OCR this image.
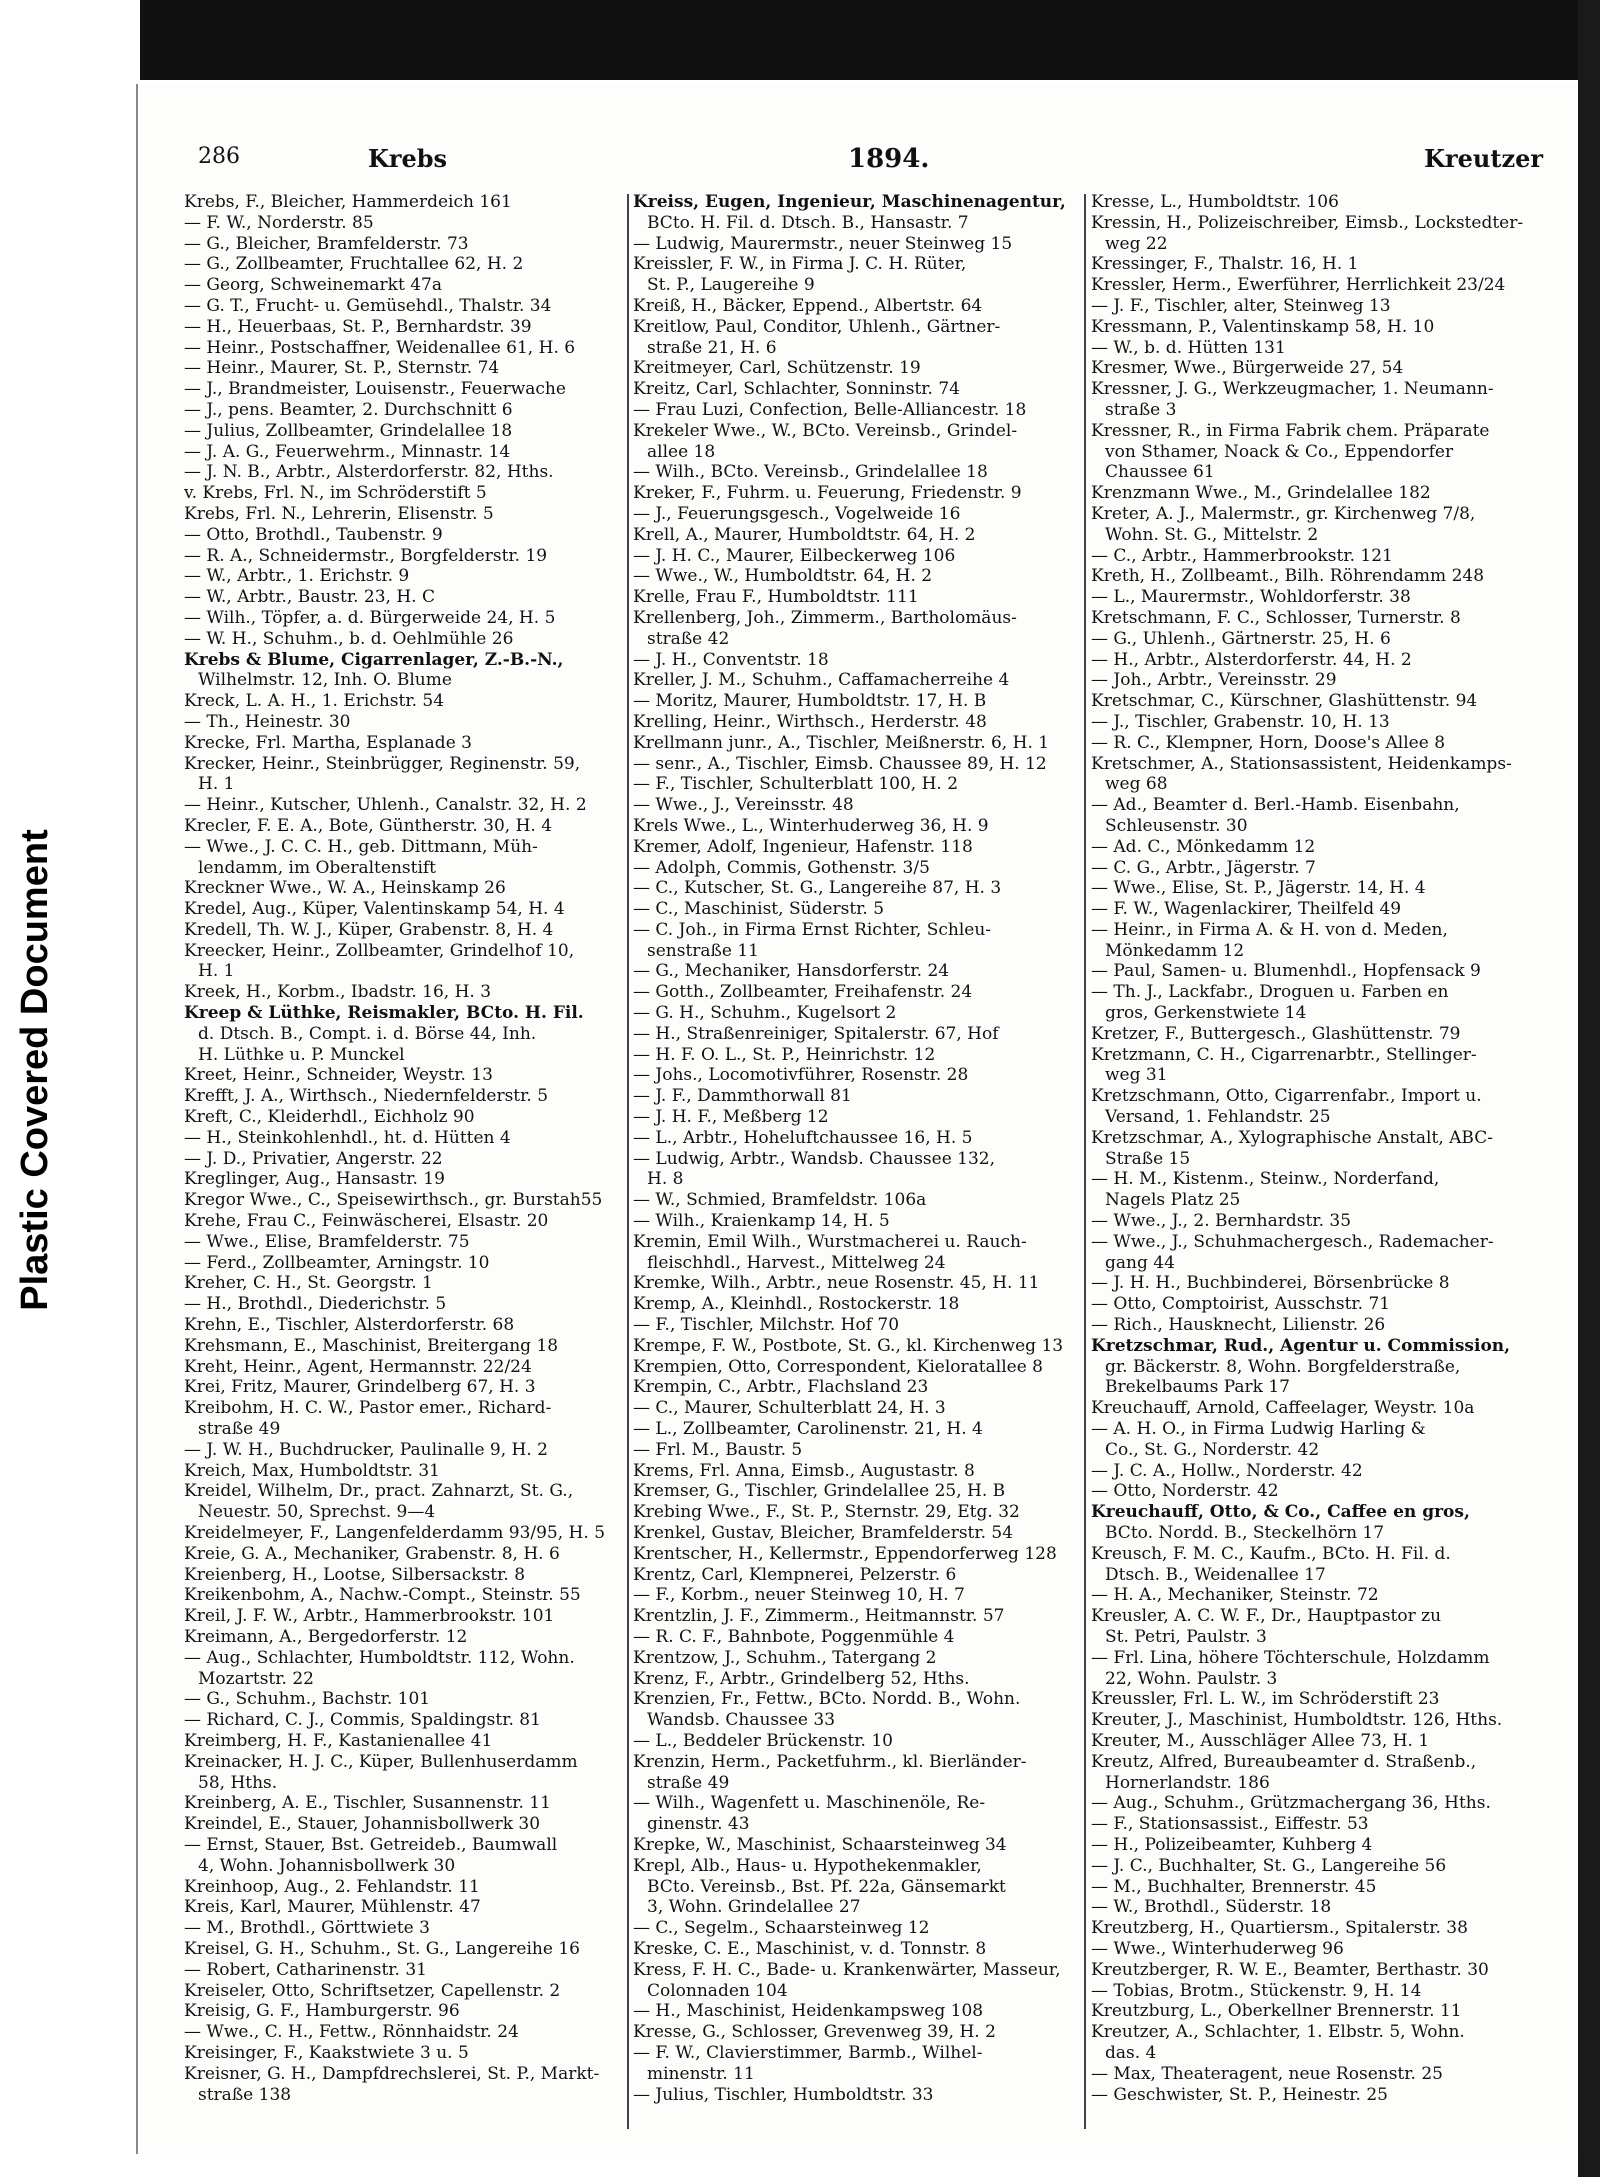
Plastic Covered Document
286	Krebs	1894.	Kreutzer
Krebs, F., Bleicher, Hammerdeich 161
— F. W., Norderstr. 85
— G., Bleicher, Bramfelderstr. 73
— G., Zollbeamter, Fruchtallee 62, H. 2
— Georg, Schweinemarkt 47a
— G. T., Frucht- u. Gemüsehdl., Thalstr. 34
— H., Heuerbaas, St. P., Bernhardstr. 39
— Heinr., Postschaffner, Weidenallee 61, H. 6
— Heinr., Maurer, St. P., Sternstr. 74
— J., Brandmeister, Louisenstr., Feuerwache
— J., pens. Beamter, 2. Durchschnitt 6
— Julius, Zollbeamter, Grindelallee 18
— J. A. G., Feuerwehrm., Minnastr. 14
— J. N. B., Arbtr., Alsterdorferstr. 82, Hths.
v. Krebs, Frl. N., im Schröderstift 5
Krebs, Frl. N., Lehrerin, Elisenstr. 5
— Otto, Brothdl., Taubenstr. 9
— R. A., Schneidermstr., Borgfelderstr. 19
— W., Arbtr., 1. Erichstr. 9
— W., Arbtr., Baustr. 23, H. C
— Wilh., Töpfer, a. d. Bürgerweide 24, H. 5
— W. H., Schuhm., b. d. Oehlmühle 26
Krebs & Blume, Cigarrenlager, Z.-B.-N.,
Wilhelmstr. 12, Inh. O. Blume
Kreck, L. A. H., 1. Erichstr. 54
— Th., Heinestr. 30
Krecke, Frl. Martha, Esplanade 3
Krecker, Heinr., Steinbrügger, Reginenstr. 59,
H. 1
— Heinr., Kutscher, Uhlenh., Canalstr. 32, H. 2
Krecler, F. E. A., Bote, Güntherstr. 30, H. 4
— Wwe., J. C. C. H., geb. Dittmann, Müh-
lendamm, im Oberaltenstift
Kreckner Wwe., W. A., Heinskamp 26
Kredel, Aug., Küper, Valentinskamp 54, H. 4
Kredell, Th. W. J., Küper, Grabenstr. 8, H. 4
Kreecker, Heinr., Zollbeamter, Grindelhof 10,
H. 1
Kreek, H., Korbm., Ibadstr. 16, H. 3
Kreep & Lüthke, Reismakler, BCto. H. Fil.
d. Dtsch. B., Compt. i. d. Börse 44, Inh.
H. Lüthke u. P. Munckel
Kreet, Heinr., Schneider, Weystr. 13
Krefft, J. A., Wirthsch., Niedernfelderstr. 5
Kreft, C., Kleiderhdl., Eichholz 90
— H., Steinkohlenhdl., ht. d. Hütten 4
— J. D., Privatier, Angerstr. 22
Kreglinger, Aug., Hansastr. 19
Kregor Wwe., C., Speisewirthsch., gr. Burstah55
Krehe, Frau C., Feinwäscherei, Elsastr. 20
— Wwe., Elise, Bramfelderstr. 75
— Ferd., Zollbeamter, Arningstr. 10
Kreher, C. H., St. Georgstr. 1
— H., Brothdl., Diederichstr. 5
Krehn, E., Tischler, Alsterdorferstr. 68
Krehsmann, E., Maschinist, Breitergang 18
Kreht, Heinr., Agent, Hermannstr. 22/24
Krei, Fritz, Maurer, Grindelberg 67, H. 3
Kreibohm, H. C. W., Pastor emer., Richard-
straße 49
— J. W. H., Buchdrucker, Paulinalle 9, H. 2
Kreich, Max, Humboldtstr. 31
Kreidel, Wilhelm, Dr., pract. Zahnarzt, St. G.,
Neuestr. 50, Sprechst. 9—4
Kreidelmeyer, F., Langenfelderdamm 93/95, H. 5
Kreie, G. A., Mechaniker, Grabenstr. 8, H. 6
Kreienberg, H., Lootse, Silbersackstr. 8
Kreikenbohm, A., Nachw.-Compt., Steinstr. 55
Kreil, J. F. W., Arbtr., Hammerbrookstr. 101
Kreimann, A., Bergedorferstr. 12
— Aug., Schlachter, Humboldtstr. 112, Wohn.
Mozartstr. 22
— G., Schuhm., Bachstr. 101
— Richard, C. J., Commis, Spaldingstr. 81
Kreimberg, H. F., Kastanienallee 41
Kreinacker, H. J. C., Küper, Bullenhuserdamm
58, Hths.
Kreinberg, A. E., Tischler, Susannenstr. 11
Kreindel, E., Stauer, Johannisbollwerk 30
— Ernst, Stauer, Bst. Getreideb., Baumwall
4, Wohn. Johannisbollwerk 30
Kreinhoop, Aug., 2. Fehlandstr. 11
Kreis, Karl, Maurer, Mühlenstr. 47
— M., Brothdl., Görttwiete 3
Kreisel, G. H., Schuhm., St. G., Langereihe 16
— Robert, Catharinenstr. 31
Kreiseler, Otto, Schriftsetzer, Capellenstr. 2
Kreisig, G. F., Hamburgerstr. 96
— Wwe., C. H., Fettw., Rönnhaidstr. 24
Kreisinger, F., Kaakstwiete 3 u. 5
Kreisner, G. H., Dampfdrechslerei, St. P., Markt-
straße 138
Kreiss, Eugen, Ingenieur, Maschinenagentur,
BCto. H. Fil. d. Dtsch. B., Hansastr. 7
— Ludwig, Maurermstr., neuer Steinweg 15
Kreissler, F. W., in Firma J. C. H. Rüter,
St. P., Laugereihe 9
Kreiß, H., Bäcker, Eppend., Albertstr. 64
Kreitlow, Paul, Conditor, Uhlenh., Gärtner-
straße 21, H. 6
Kreitmeyer, Carl, Schützenstr. 19
Kreitz, Carl, Schlachter, Sonninstr. 74
— Frau Luzi, Confection, Belle-Alliancestr. 18
Krekeler Wwe., W., BCto. Vereinsb., Grindel-
allee 18
— Wilh., BCto. Vereinsb., Grindelallee 18
Kreker, F., Fuhrm. u. Feuerung, Friedenstr. 9
— J., Feuerungsgesch., Vogelweide 16
Krell, A., Maurer, Humboldtstr. 64, H. 2
— J. H. C., Maurer, Eilbeckerweg 106
— Wwe., W., Humboldtstr. 64, H. 2
Krelle, Frau F., Humboldtstr. 111
Krellenberg, Joh., Zimmerm., Bartholomäus-
straße 42
— J. H., Conventstr. 18
Kreller, J. M., Schuhm., Caffamacherreihe 4
— Moritz, Maurer, Humboldtstr. 17, H. B
Krelling, Heinr., Wirthsch., Herderstr. 48
Krellmann junr., A., Tischler, Meißnerstr. 6, H. 1
— senr., A., Tischler, Eimsb. Chaussee 89, H. 12
— F., Tischler, Schulterblatt 100, H. 2
— Wwe., J., Vereinsstr. 48
Krels Wwe., L., Winterhuderweg 36, H. 9
Kremer, Adolf, Ingenieur, Hafenstr. 118
— Adolph, Commis, Gothenstr. 3/5
— C., Kutscher, St. G., Langereihe 87, H. 3
— C., Maschinist, Süderstr. 5
— C. Joh., in Firma Ernst Richter, Schleu-
senstraße 11
— G., Mechaniker, Hansdorferstr. 24
— Gotth., Zollbeamter, Freihafenstr. 24
— G. H., Schuhm., Kugelsort 2
— H., Straßenreiniger, Spitalerstr. 67, Hof
— H. F. O. L., St. P., Heinrichstr. 12
— Johs., Locomotivführer, Rosenstr. 28
— J. F., Dammthorwall 81
— J. H. F., Meßberg 12
— L., Arbtr., Hoheluftchaussee 16, H. 5
— Ludwig, Arbtr., Wandsb. Chaussee 132,
H. 8
— W., Schmied, Bramfeldstr. 106a
— Wilh., Kraienkamp 14, H. 5
Kremin, Emil Wilh., Wurstmacherei u. Rauch-
fleischhdl., Harvest., Mittelweg 24
Kremke, Wilh., Arbtr., neue Rosenstr. 45, H. 11
Kremp, A., Kleinhdl., Rostockerstr. 18
— F., Tischler, Milchstr. Hof 70
Krempe, F. W., Postbote, St. G., kl. Kirchenweg 13
Krempien, Otto, Correspondent, Kieloratallee 8
Krempin, C., Arbtr., Flachsland 23
— C., Maurer, Schulterblatt 24, H. 3
— L., Zollbeamter, Carolinenstr. 21, H. 4
— Frl. M., Baustr. 5
Krems, Frl. Anna, Eimsb., Augustastr. 8
Kremser, G., Tischler, Grindelallee 25, H. B
Krebing Wwe., F., St. P., Sternstr. 29, Etg. 32
Krenkel, Gustav, Bleicher, Bramfelderstr. 54
Krentscher, H., Kellermstr., Eppendorferweg 128
Krentz, Carl, Klempnerei, Pelzerstr. 6
— F., Korbm., neuer Steinweg 10, H. 7
Krentzlin, J. F., Zimmerm., Heitmannstr. 57
— R. C. F., Bahnbote, Poggenmühle 4
Krentzow, J., Schuhm., Tatergang 2
Krenz, F., Arbtr., Grindelberg 52, Hths.
Krenzien, Fr., Fettw., BCto. Nordd. B., Wohn.
Wandsb. Chaussee 33
— L., Beddeler Brückenstr. 10
Krenzin, Herm., Packetfuhrm., kl. Bierländer-
straße 49
— Wilh., Wagenfett u. Maschinenöle, Re-
ginenstr. 43
Krepke, W., Maschinist, Schaarsteinweg 34
Krepl, Alb., Haus- u. Hypothekenmakler,
BCto. Vereinsb., Bst. Pf. 22a, Gänsemarkt
3, Wohn. Grindelallee 27
— C., Segelm., Schaarsteinweg 12
Kreske, C. E., Maschinist, v. d. Tonnstr. 8
Kress, F. H. C., Bade- u. Krankenwärter, Masseur,
Colonnaden 104
— H., Maschinist, Heidenkampsweg 108
Kresse, G., Schlosser, Grevenweg 39, H. 2
— F. W., Clavierstimmer, Barmb., Wilhel-
minenstr. 11
— Julius, Tischler, Humboldtstr. 33
Kresse, L., Humboldtstr. 106
Kressin, H., Polizeischreiber, Eimsb., Lockstedter-
weg 22
Kressinger, F., Thalstr. 16, H. 1
Kressler, Herm., Ewerführer, Herrlichkeit 23/24
— J. F., Tischler, alter, Steinweg 13
Kressmann, P., Valentinskamp 58, H. 10
— W., b. d. Hütten 131
Kresmer, Wwe., Bürgerweide 27, 54
Kressner, J. G., Werkzeugmacher, 1. Neumann-
straße 3
Kressner, R., in Firma Fabrik chem. Präparate
von Sthamer, Noack & Co., Eppendorfer
Chaussee 61
Krenzmann Wwe., M., Grindelallee 182
Kreter, A. J., Malermstr., gr. Kirchenweg 7/8,
Wohn. St. G., Mittelstr. 2
— C., Arbtr., Hammerbrookstr. 121
Kreth, H., Zollbeamt., Bilh. Röhrendamm 248
— L., Maurermstr., Wohldorferstr. 38
Kretschmann, F. C., Schlosser, Turnerstr. 8
— G., Uhlenh., Gärtnerstr. 25, H. 6
— H., Arbtr., Alsterdorferstr. 44, H. 2
— Joh., Arbtr., Vereinsstr. 29
Kretschmar, C., Kürschner, Glashüttenstr. 94
— J., Tischler, Grabenstr. 10, H. 13
— R. C., Klempner, Horn, Doose's Allee 8
Kretschmer, A., Stationsassistent, Heidenkamps-
weg 68
— Ad., Beamter d. Berl.-Hamb. Eisenbahn,
Schleusenstr. 30
— Ad. C., Mönkedamm 12
— C. G., Arbtr., Jägerstr. 7
— Wwe., Elise, St. P., Jägerstr. 14, H. 4
— F. W., Wagenlackirer, Theilfeld 49
— Heinr., in Firma A. & H. von d. Meden,
Mönkedamm 12
— Paul, Samen- u. Blumenhdl., Hopfensack 9
— Th. J., Lackfabr., Droguen u. Farben en
gros, Gerkenstwiete 14
Kretzer, F., Buttergesch., Glashüttenstr. 79
Kretzmann, C. H., Cigarrenarbtr., Stellinger-
weg 31
Kretzschmann, Otto, Cigarrenfabr., Import u.
Versand, 1. Fehlandstr. 25
Kretzschmar, A., Xylographische Anstalt, ABC-
Straße 15
— H. M., Kistenm., Steinw., Norderfand,
Nagels Platz 25
— Wwe., J., 2. Bernhardstr. 35
— Wwe., J., Schuhmachergesch., Rademacher-
gang 44
— J. H. H., Buchbinderei, Börsenbrücke 8
— Otto, Comptoirist, Ausschstr. 71
— Rich., Hausknecht, Lilienstr. 26
Kretzschmar, Rud., Agentur u. Commission,
gr. Bäckerstr. 8, Wohn. Borgfelderstraße,
Brekelbaums Park 17
Kreuchauff, Arnold, Caffeelager, Weystr. 10a
— A. H. O., in Firma Ludwig Harling &
Co., St. G., Norderstr. 42
— J. C. A., Hollw., Norderstr. 42
— Otto, Norderstr. 42
Kreuchauff, Otto, & Co., Caffee en gros,
BCto. Nordd. B., Steckelhörn 17
Kreusch, F. M. C., Kaufm., BCto. H. Fil. d.
Dtsch. B., Weidenallee 17
— H. A., Mechaniker, Steinstr. 72
Kreusler, A. C. W. F., Dr., Hauptpastor zu
St. Petri, Paulstr. 3
— Frl. Lina, höhere Töchterschule, Holzdamm
22, Wohn. Paulstr. 3
Kreussler, Frl. L. W., im Schröderstift 23
Kreuter, J., Maschinist, Humboldtstr. 126, Hths.
Kreuter, M., Ausschläger Allee 73, H. 1
Kreutz, Alfred, Bureaubeamter d. Straßenb.,
Hornerlandstr. 186
— Aug., Schuhm., Grützmachergang 36, Hths.
— F., Stationsassist., Eiffestr. 53
— H., Polizeibeamter, Kuhberg 4
— J. C., Buchhalter, St. G., Langereihe 56
— M., Buchhalter, Brennerstr. 45
— W., Brothdl., Süderstr. 18
Kreutzberg, H., Quartiersm., Spitalerstr. 38
— Wwe., Winterhuderweg 96
Kreutzberger, R. W. E., Beamter, Berthastr. 30
— Tobias, Brotm., Stückenstr. 9, H. 14
Kreutzburg, L., Oberkellner Brennerstr. 11
Kreutzer, A., Schlachter, 1. Elbstr. 5, Wohn.
das. 4
— Max, Theateragent, neue Rosenstr. 25
— Geschwister, St. P., Heinestr. 25
